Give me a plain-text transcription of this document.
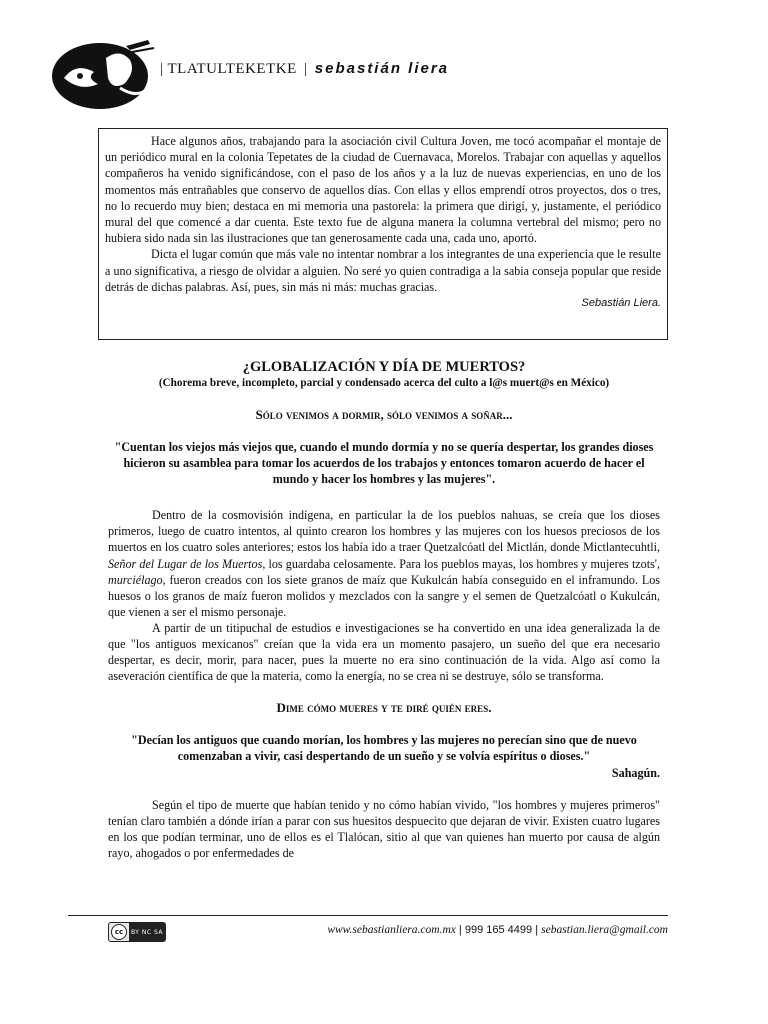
| TLATULTEKETKE | sebastián liera

Hace algunos años, trabajando para la asociación civil Cultura Joven, me tocó acompañar el montaje de un periódico mural en la colonia Tepetates de la ciudad de Cuernavaca, Morelos. Trabajar con aquellas y aquellos compañeros ha venido significándose, con el paso de los años y a la luz de nuevas experiencias, en uno de los momentos más entrañables que conservo de aquellos días. Con ellas y ellos emprendí otros proyectos, dos o tres, no lo recuerdo muy bien; destaca en mi memoria una pastorela: la primera que dirigí, y, justamente, el periódico mural del que comencé a dar cuenta. Este texto fue de alguna manera la columna vertebral del mismo; pero no hubiera sido nada sin las ilustraciones que tan generosamente cada una, cada uno, aportó.

Dicta el lugar común que más vale no intentar nombrar a los integrantes de una experiencia que le resulte a uno significativa, a riesgo de olvidar a alguien. No seré yo quien contradiga a la sabia conseja popular que reside detrás de dichas palabras. Así, pues, sin más ni más: muchas gracias.

Sebastián Liera.

¿GLOBALIZACIÓN Y DÍA DE MUERTOS?

(Chorema breve, incompleto, parcial y condensado acerca del culto a l@s muert@s en México)

Sólo venimos a dormir, sólo venimos a soñar...

"Cuentan los viejos más viejos que, cuando el mundo dormía y no se quería despertar, los grandes dioses hicieron su asamblea para tomar los acuerdos de los trabajos y entonces tomaron acuerdo de hacer el mundo y hacer los hombres y las mujeres".

Dentro de la cosmovisión indígena, en particular la de los pueblos nahuas, se creía que los dioses primeros, luego de cuatro intentos, al quinto crearon los hombres y las mujeres con los huesos preciosos de los muertos en los cuatro soles anteriores; estos los había ido a traer Quetzalcóatl del Mictlán, donde Mictlantecuhtli, Señor del Lugar de los Muertos, los guardaba celosamente. Para los pueblos mayas, los hombres y mujeres tzots', murciélago, fueron creados con los siete granos de maíz que Kukulcán había conseguido en el inframundo. Los huesos o los granos de maíz fueron molidos y mezclados con la sangre y el semen de Quetzalcóatl o Kukulcán, que vienen a ser el mismo personaje.

A partir de un titipuchal de estudios e investigaciones se ha convertido en una idea generalizada la de que "los antiguos mexicanos" creían que la vida era un momento pasajero, un sueño del que era necesario despertar, es decir, morir, para nacer, pues la muerte no era sino continuación de la vida. Algo así como la aseveración científica de que la materia, como la energía, no se crea ni se destruye, sólo se transforma.

Dime cómo mueres y te diré quién eres.

"Decían los antiguos que cuando morían, los hombres y las mujeres no perecían sino que de nuevo comenzaban a vivir, casi despertando de un sueño y se volvía espíritus o dioses."

Sahagún.

Según el tipo de muerte que habían tenido y no cómo habían vivido, "los hombres y mujeres primeros" tenían claro también a dónde irían a parar con sus huesitos despuecito que dejaran de vivir. Existen cuatro lugares en los que podían terminar, uno de ellos es el Tlalócan, sitio al que van quienes han muerto por causa de algún rayo, ahogados o por enfermedades de

cc	BY NC SA	www.sebastianliera.com.mx | 999 165 4499 | sebastian.liera@gmail.com
